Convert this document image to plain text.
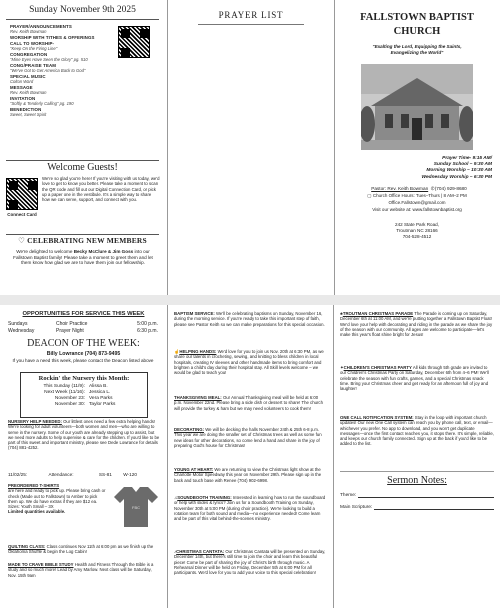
Sunday November 9th 2025
PRAYER/ANNOUNCEMENTS
Rev. Keith Bowman
WORSHIP WITH TITHES & OFFERINGS
CALL TO WORSHIP-
"Keep On the Firing Line"
CONGREGATION
"Mine Eyes Have Seen the Glory" pg. 510
CONG/PRAISE TEAM
"We've Got to Get America Back to God"
SPECIAL MUSIC
Colton Ward
MESSAGE
Rev. Keith Bowman
INVITATION
"Softly & Tenderly Calling" pg. 190
BENEDICTION
Sweet, Sweet Spirit
Welcome Guests!
Connect Card
We're so glad you're here! If you're visiting with us today, we'd love to get to know you better. Please take a moment to scan the QR code and fill out our Digital Connection Card, or pick up a paper one in the vestibule. It's a simple way to share how we can serve, support, and connect with you.
♡ CELEBRATING NEW MEMBERS
We're delighted to welcome Becky McClure & Jim Goss into our Fallstown Baptist family! Please take a moment to greet them and let them know how glad we are to have them join our fellowship.
PRAYER LIST	FALLSTOWN BAPTIST
CHURCH
"Exalting the Lord, Equipping the Saints, Evangelizing the World"
Prayer Time- 9:15 AM/
Sunday School – 9:30 AM
Morning Worship – 10:30 AM
Wednesday Worship – 6:30 PM
Pastor: Rev. Keith Bowman ✆(704) 929-8680
▢ Church Office Hours: Tues–Thurs | 8 AM–2 PM
Office.Fallstown@gmail.com
Visit our website at: www.fallstownbaptist.org
242 State Park Road,
Troutman NC 28166
704-528-4512
OPPORTUNITIES FOR SERVICE THIS WEEK
Sundays	Choir Practice	5:00 p.m.
Wednesday	Prayer Night	6:30 p.m.
DEACON OF THE WEEK:
Billy Lowrance (704) 873-9495
If you have a need this week, please contact the Deacon listed above
Rockin' the Nursery this Month:
This Sunday (11/9): Alissa B.
Next Week (11/16): Jessica L.
November 23: Vera Parks
November 30: Taylor Parks
NURSERY HELP NEEDED: Our littlest ones need a few extra helping hands! We're looking for adult volunteers—both women and men—who are willing to serve in the nursery. Some of our youth are already stepping up to assist, but we need more adults to help supervise & care for the children. If you'd like to be part of this sweet and important ministry, please see Dede Lowrance for details (704) 881-4252.
11/02/25:	Attendance:	SS-81 W-120
PREORDERED T-SHIRTS
are here and ready to pick up. Please bring cash or check (Made out to Fallstown) to Amber to pick them up. We do have extras if they are $12 ea. Sizes: Youth Small – 3X
Limited quantities available.
FBC
QUILTING CLASS: Class continues Nov 11th at 6:00 pm as we finish up the Oklahoma Shuffle & begin the Log Cabin!
MADE TO CRAVE BIBLE STUDY Health and Fitness Through the Bible is a study and so much more! Lead by Amy Marlow. Next class will be Saturday, Nov. 15th 9am
BAPTISM SERVICE: We'll be celebrating baptisms on Sunday, November 16, during the morning service. If you're ready to take this important step of faith, please see Pastor Keith so we can make preparations for this special occasion.
☝HELPING HANDS: We'd love for you to join us Nov. 20th at 6:30 PM, as we share our talents in crocheting, sewing, and knitting to bless children in local hospitals, creating IV sleeves and other handmade items to bring comfort and brighten a child's day during their hospital stay. All Skill levels welcome – we would be glad to teach you!
THANKSGIVING MEAL: Our Annual Thanksgiving meal will be held at 6:00 p.m. November 22nd. Please bring a side dish or dessert to share! The church will provide the turkey & ham but we may need volunteers to cook them!
DECORATING: We will be decking the halls November 24th & 25th 6-8 p.m. This year we are doing the smaller set of Christmas trees as well as some fun new ideas for other decorations, so come lend a hand and share in the joy of preparing God's house for Christmas!
YOUNG AT HEART: We are returning to view the Christmas light show at the Charlotte Motor Speedway this year on November 29th. Please sign up in the back and touch base with Renee (704) 902-6998.
♫SOUNDBOOTH TRAINING: Interested in learning how to run the soundboard or help with slides & lyrics? Join us for a Soundbooth Training on Sunday, November 30th at 5:00 PM (during choir practice). We're looking to build a rotation team for both sound and media—no experience needed! Come learn and be part of this vital behind-the-scenes ministry.
♪CHRISTMAS CANTATA: Our Christmas Cantata will be presented on Sunday, December 14th, but there's still time to join the choir and learn this beautiful piece! Come be part of sharing the joy of Christ's birth through music. A Rehearsal Dinner will be held on Friday, December 5th at 6:00 PM for all participants. We'd love for you to add your voice to this special celebration!
♣TROUTMAN CHRISTMAS PARADE The Parade is coming up on Saturday, December 6th at 11:00 AM, and we're putting together a Fallstown Baptist Float! We'd love your help with decorating and riding in the parade as we share the joy of the season with our community. All ages are welcome to participate—let's make this year's float shine bright for Jesus!
✦CHILDREN'S CHRISTMAS PARTY All kids through 5th grade are invited to our Children's Christmas Party on Saturday, December 6th from 4–6 PM! We'll celebrate the season with fun crafts, games, and a special Christmas snack time. Bring your Christmas cheer and get ready for an afternoon full of joy and laughter!
ONE CALL NOTIFICATION SYSTEM: Stay in the loop with important church updates! Our new One Call system can reach you by phone call, text, or email—whichever you prefer. No app to download, and you won't get duplicate messages—once the first contact reaches you, it stops there. It's simple, reliable, and keeps our church family connected. Sign up at the back if you'd like to be added to the list.
Sermon Notes:
Theme:
Main Scripture:
